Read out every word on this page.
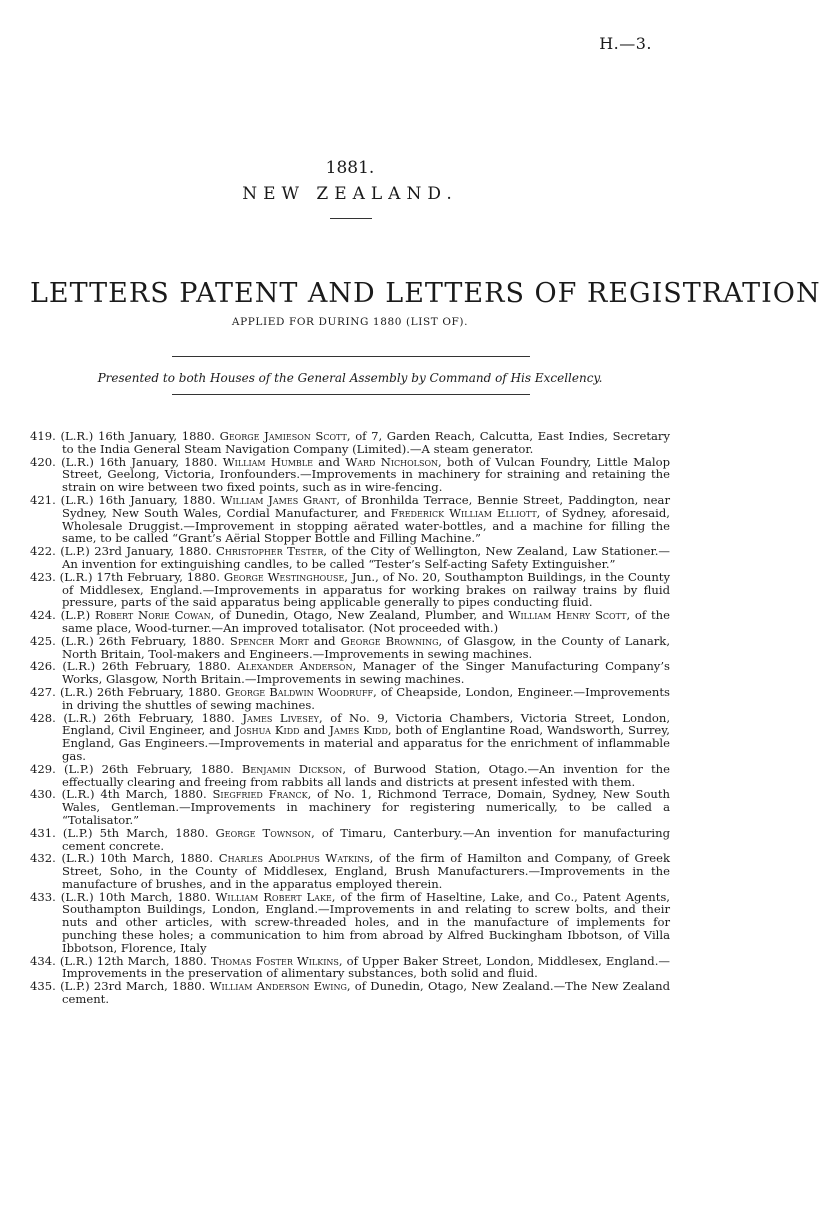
H.—3.
1881.
NEW ZEALAND.
LETTERS PATENT AND LETTERS OF REGISTRATION
APPLIED FOR DURING 1880 (LIST OF).
Presented to both Houses of the General Assembly by Command of His Excellency.
419. (L.R.) 16th January, 1880. George Jamieson Scott, of 7, Garden Reach, Calcutta, East Indies, Secretary to the India General Steam Navigation Company (Limited).—A steam generator.
420. (L.R.) 16th January, 1880. William Humble and Ward Nicholson, both of Vulcan Foundry, Little Malop Street, Geelong, Victoria, Ironfounders.—Improvements in machinery for straining and retaining the strain on wire between two fixed points, such as in wire-fencing.
421. (L.R.) 16th January, 1880. William James Grant, of Bronhilda Terrace, Bennie Street, Paddington, near Sydney, New South Wales, Cordial Manufacturer, and Frederick William Elliott, of Sydney, aforesaid, Wholesale Druggist.—Improvement in stopping aërated water-bottles, and a machine for filling the same, to be called “Grant’s Aërial Stopper Bottle and Filling Machine.”
422. (L.P.) 23rd January, 1880. Christopher Tester, of the City of Wellington, New Zealand, Law Stationer.—An invention for extinguishing candles, to be called “Tester’s Self-acting Safety Extinguisher.”
423. (L.R.) 17th February, 1880. George Westinghouse, Jun., of No. 20, Southampton Buildings, in the County of Middlesex, England.—Improvements in apparatus for working brakes on railway trains by fluid pressure, parts of the said apparatus being applicable generally to pipes conducting fluid.
424. (L.P.) Robert Norie Cowan, of Dunedin, Otago, New Zealand, Plumber, and William Henry Scott, of the same place, Wood-turner.—An improved totalisator. (Not proceeded with.)
425. (L.R.) 26th February, 1880. Spencer Mort and George Browning, of Glasgow, in the County of Lanark, North Britain, Tool-makers and Engineers.—Improvements in sewing machines.
426. (L.R.) 26th February, 1880. Alexander Anderson, Manager of the Singer Manufacturing Company’s Works, Glasgow, North Britain.—Improvements in sewing machines.
427. (L.R.) 26th February, 1880. George Baldwin Woodruff, of Cheapside, London, Engineer.—Improvements in driving the shuttles of sewing machines.
428. (L.R.) 26th February, 1880. James Livesey, of No. 9, Victoria Chambers, Victoria Street, London, England, Civil Engineer, and Joshua Kidd and James Kidd, both of Englantine Road, Wandsworth, Surrey, England, Gas Engineers.—Improvements in material and apparatus for the enrichment of inflammable gas.
429. (L.P.) 26th February, 1880. Benjamin Dickson, of Burwood Station, Otago.—An invention for the effectually clearing and freeing from rabbits all lands and districts at present infested with them.
430. (L.R.) 4th March, 1880. Siegfried Franck, of No. 1, Richmond Terrace, Domain, Sydney, New South Wales, Gentleman.—Improvements in machinery for registering numerically, to be called a “Totalisator.”
431. (L.P.) 5th March, 1880. George Townson, of Timaru, Canterbury.—An invention for manufacturing cement concrete.
432. (L.R.) 10th March, 1880. Charles Adolphus Watkins, of the firm of Hamilton and Company, of Greek Street, Soho, in the County of Middlesex, England, Brush Manufacturers.—Improvements in the manufacture of brushes, and in the apparatus employed therein.
433. (L.R.) 10th March, 1880. William Robert Lake, of the firm of Haseltine, Lake, and Co., Patent Agents, Southampton Buildings, London, England.—Improvements in and relating to screw bolts, and their nuts and other articles, with screw-threaded holes, and in the manufacture of implements for punching these holes; a communication to him from abroad by Alfred Buckingham Ibbotson, of Villa Ibbotson, Florence, Italy
434. (L.R.) 12th March, 1880. Thomas Foster Wilkins, of Upper Baker Street, London, Middlesex, England.—Improvements in the preservation of alimentary substances, both solid and fluid.
435. (L.P.) 23rd March, 1880. William Anderson Ewing, of Dunedin, Otago, New Zealand.—The New Zealand cement.
